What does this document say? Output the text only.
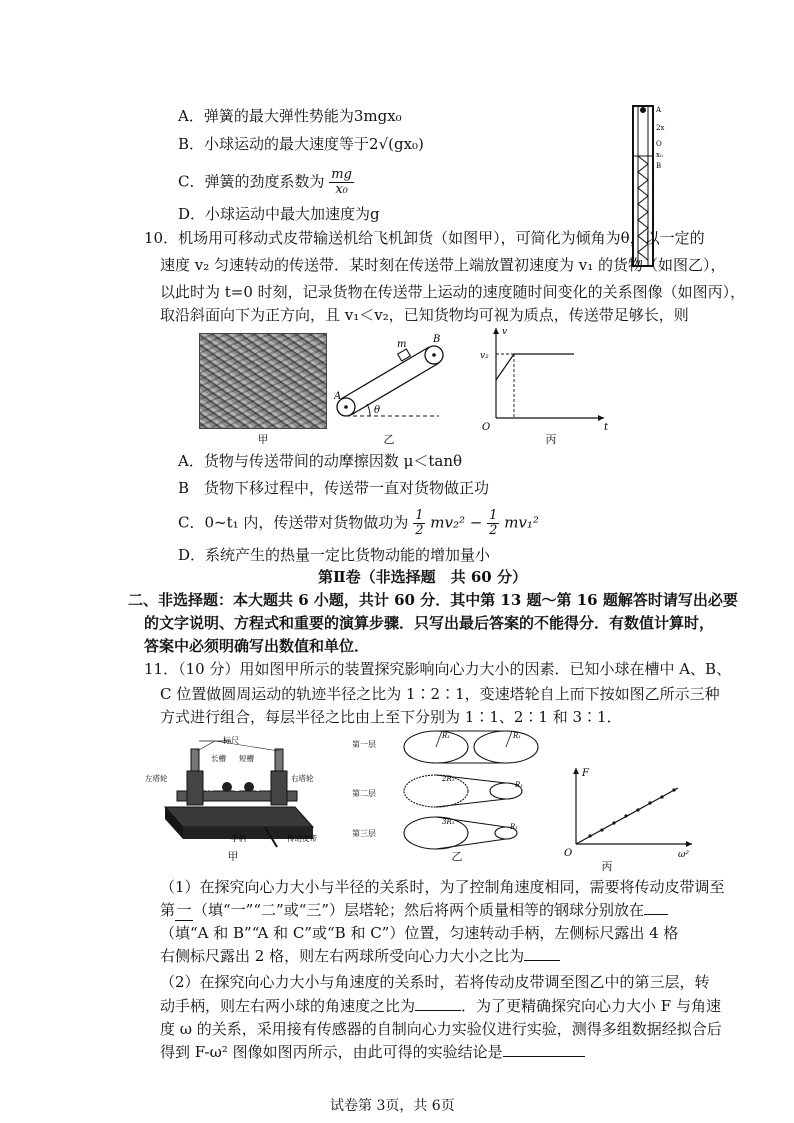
A．弹簧的最大弹性势能为3mgx₀
B．小球运动的最大速度等于2√(gx₀)
C．弹簧的劲度系数为 $\frac{mg}{\text{x₀}}$
D．小球运动中最大加速度为g
A
2x
O
x₀
B
10．机场用可移动式皮带输送机给飞机卸货（如图甲），可简化为倾角为θ，以一定的
速度 v₂ 匀速转动的传送带．某时刻在传送带上端放置初速度为 v₁ 的货物（如图乙），
以此时为 t=0 时刻，记录货物在传送带上运动的速度随时间变化的关系图像（如图丙），
取沿斜面向下为正方向，且 v₁＜v₂，已知货物均可视为质点，传送带足够长，则
甲
m
A
B
θ
乙
v
v₂
O	t
丙
A．货物与传送带间的动摩擦因数 μ＜tanθ
B　货物下移过程中，传送带一直对货物做正功
C．0~t₁ 内，传送带对货物做功为 $\frac{1}{2} mv_2^2 - \frac{1}{2} mv_1^2$
D．系统产生的热量一定比货物动能的增加量小
第Ⅱ卷（非选择题　共 60 分）
二、非选择题：本大题共 6 小题，共计 60 分．其中第 13 题～第 16 题解答时请写出必要
的文字说明、方程式和重要的演算步骤．只写出最后答案的不能得分．有数值计算时，
答案中必须明确写出数值和单位．
11．（10 分）用如图甲所示的装置探究影响向心力大小的因素．已知小球在槽中 A、B、
C 位置做圆周运动的轨迹半径之比为 1∶2∶1，变速塔轮自上而下按如图乙所示三种
方式进行组合，每层半径之比由上至下分别为 1∶1、2∶1 和 3∶1．
标尺
长槽 短槽
左塔轮	右塔轮
手柄	传动皮带
A	B C
甲
第一层
第二层
第三层
R₁	R₁
2R₁
R₁
3R₁
R₁
乙
F
O	ω²
丙
（1）在探究向心力大小与半径的关系时，为了控制角速度相同，需要将传动皮带调至
第一 （填“一”“二”或“三”）层塔轮；然后将两个质量相等的钢球分别放在
（填“A 和 B”“A 和 C”或“B 和 C”）位置，匀速转动手柄，左侧标尺露出 4 格
右侧标尺露出 2 格，则左右两球所受向心力大小之比为
（2）在探究向心力大小与角速度的关系时，若将传动皮带调至图乙中的第三层，转
动手柄，则左右两小球的角速度之比为	．为了更精确探究向心力大小 F 与角速
度 ω 的关系，采用接有传感器的自制向心力实验仪进行实验，测得多组数据经拟合后
得到 F-ω² 图像如图丙所示，由此可得的实验结论是
试卷第 3页，共 6页
